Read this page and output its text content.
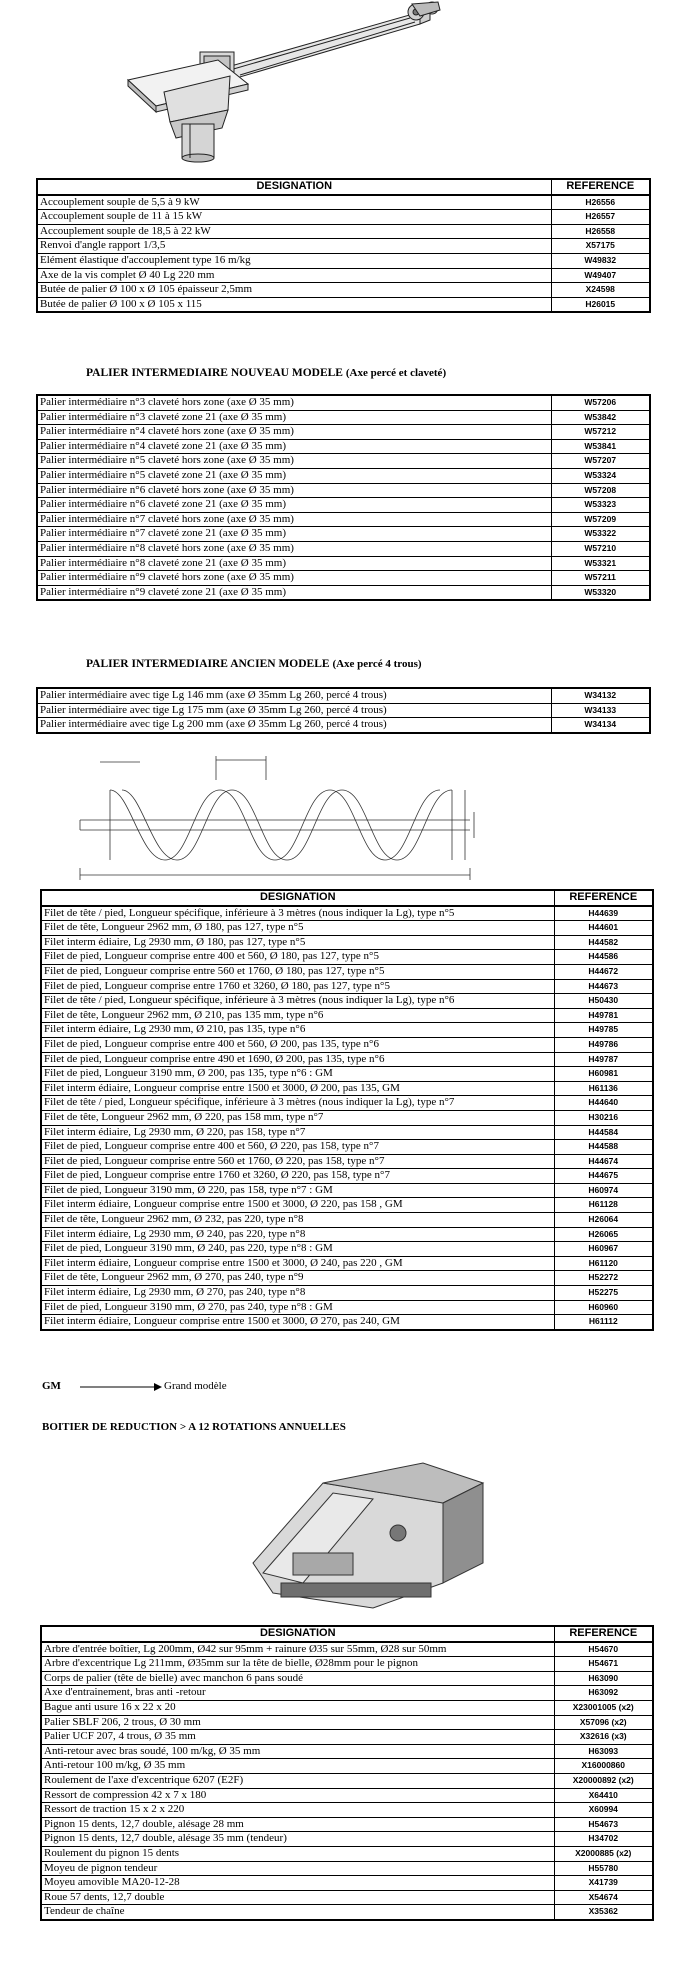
DESIGNATION	REFERENCE
Accouplement souple de 5,5 à 9 kW	H26556
Accouplement souple de 11 à 15 kW	H26557
Accouplement souple de 18,5 à 22 kW	H26558
Renvoi d'angle rapport 1/3,5	X57175
Elément élastique d'accouplement type 16 m/kg	W49832
Axe de la vis complet Ø 40 Lg 220 mm	W49407
Butée de palier Ø 100 x Ø 105 épaisseur 2,5mm	X24598
Butée de palier Ø 100 x Ø 105 x 115	H26015
PALIER INTERMEDIAIRE NOUVEAU MODELE (Axe percé et claveté)
Palier intermédiaire n°3 claveté hors zone (axe Ø 35 mm)	W57206
Palier intermédiaire n°3 claveté zone 21 (axe Ø 35 mm)	W53842
Palier intermédiaire n°4 claveté hors zone (axe Ø 35 mm)	W57212
Palier intermédiaire n°4 claveté zone 21 (axe Ø 35 mm)	W53841
Palier intermédiaire n°5 claveté hors zone (axe Ø 35 mm)	W57207
Palier intermédiaire n°5 claveté zone 21 (axe Ø 35 mm)	W53324
Palier intermédiaire n°6 claveté hors zone (axe Ø 35 mm)	W57208
Palier intermédiaire n°6 claveté zone 21 (axe Ø 35 mm)	W53323
Palier intermédiaire n°7 claveté hors zone (axe Ø 35 mm)	W57209
Palier intermédiaire n°7 claveté zone 21 (axe Ø 35 mm)	W53322
Palier intermédiaire n°8 claveté hors zone (axe Ø 35 mm)	W57210
Palier intermédiaire n°8 claveté zone 21 (axe Ø 35 mm)	W53321
Palier intermédiaire n°9 claveté hors zone (axe Ø 35 mm)	W57211
Palier intermédiaire n°9 claveté zone 21 (axe Ø 35 mm)	W53320
PALIER INTERMEDIAIRE ANCIEN MODELE (Axe percé 4 trous)
Palier intermédiaire avec tige Lg 146 mm (axe Ø 35mm Lg 260, percé 4 trous)	W34132
Palier intermédiaire avec tige Lg 175 mm (axe Ø 35mm Lg 260, percé 4 trous)	W34133
Palier intermédiaire avec tige Lg 200 mm (axe Ø 35mm Lg 260, percé 4 trous)	W34134
DESIGNATION	REFERENCE
Filet de tête / pied, Longueur spécifique, inférieure à 3 mètres (nous indiquer la Lg), type n°5	H44639
Filet de tête, Longueur 2962 mm, Ø 180, pas 127, type n°5	H44601
Filet interm édiaire, Lg 2930 mm, Ø 180, pas 127, type n°5	H44582
Filet de pied, Longueur comprise entre 400 et 560, Ø 180, pas 127, type n°5	H44586
Filet de pied, Longueur comprise entre 560 et 1760, Ø 180, pas 127, type n°5	H44672
Filet de pied, Longueur comprise entre 1760 et 3260, Ø 180, pas 127, type n°5	H44673
Filet de tête / pied, Longueur spécifique, inférieure à 3 mètres (nous indiquer la Lg), type n°6	H50430
Filet de tête, Longueur 2962 mm, Ø 210, pas 135 mm, type n°6	H49781
Filet interm édiaire, Lg 2930 mm, Ø 210, pas 135, type n°6	H49785
Filet de pied, Longueur comprise entre 400 et 560, Ø 200, pas 135, type n°6	H49786
Filet de pied, Longueur comprise entre 490 et 1690, Ø 200, pas 135, type n°6	H49787
Filet de pied, Longueur 3190 mm, Ø 200, pas 135, type n°6 : GM	H60981
Filet interm édiaire, Longueur comprise entre 1500 et 3000, Ø 200, pas 135, GM	H61136
Filet de tête / pied, Longueur spécifique, inférieure à 3 mètres (nous indiquer la Lg), type n°7	H44640
Filet de tête, Longueur 2962 mm, Ø 220, pas 158 mm, type n°7	H30216
Filet interm édiaire, Lg 2930 mm, Ø 220, pas 158, type n°7	H44584
Filet de pied, Longueur comprise entre 400 et 560, Ø 220, pas 158, type n°7	H44588
Filet de pied, Longueur comprise entre 560 et 1760, Ø 220, pas 158, type n°7	H44674
Filet de pied, Longueur comprise entre 1760 et 3260, Ø 220, pas 158, type n°7	H44675
Filet de pied, Longueur 3190 mm, Ø 220, pas 158, type n°7 : GM	H60974
Filet interm édiaire, Longueur comprise entre 1500 et 3000, Ø 220, pas 158 , GM	H61128
Filet de tête, Longueur 2962 mm, Ø 232, pas 220, type n°8	H26064
Filet interm édiaire, Lg 2930 mm, Ø 240, pas 220, type n°8	H26065
Filet de pied, Longueur 3190 mm, Ø 240, pas 220, type n°8 : GM	H60967
Filet interm édiaire, Longueur comprise entre 1500 et 3000, Ø 240, pas 220 , GM	H61120
Filet de tête, Longueur 2962 mm, Ø 270, pas 240, type n°9	H52272
Filet interm édiaire, Lg 2930 mm, Ø 270, pas 240, type n°8	H52275
Filet de pied, Longueur 3190 mm, Ø 270, pas 240, type n°8 : GM	H60960
Filet interm édiaire, Longueur comprise entre 1500 et 3000, Ø 270, pas 240, GM	H61112
GM	Grand modèle
BOITIER DE REDUCTION > A 12 ROTATIONS ANNUELLES
DESIGNATION	REFERENCE
Arbre d'entrée boîtier, Lg 200mm, Ø42 sur 95mm + rainure Ø35 sur 55mm, Ø28 sur 50mm	H54670
Arbre d'excentrique Lg 211mm, Ø35mm sur la tête de bielle, Ø28mm pour le pignon	H54671
Corps de palier (tête de bielle) avec manchon 6 pans soudé	H63090
Axe d'entrainement, bras anti -retour	H63092
Bague anti usure 16 x 22 x 20	X23001005 (x2)
Palier SBLF 206, 2 trous, Ø 30 mm	X57096 (x2)
Palier UCF 207, 4 trous, Ø 35 mm	X32616 (x3)
Anti-retour avec bras soudé, 100 m/kg, Ø 35 mm	H63093
Anti-retour 100 m/kg, Ø 35 mm	X16000860
Roulement de l'axe d'excentrique 6207 (E2F)	X20000892 (x2)
Ressort de compression 42 x 7 x 180	X64410
Ressort de traction 15 x 2 x 220	X60994
Pignon 15 dents, 12,7 double, alésage 28 mm	H54673
Pignon 15 dents, 12,7 double, alésage 35 mm (tendeur)	H34702
Roulement du pignon 15 dents	X2000885 (x2)
Moyeu de pignon tendeur	H55780
Moyeu amovible MA20-12-28	X41739
Roue 57 dents, 12,7 double	X54674
Tendeur de chaîne	X35362
